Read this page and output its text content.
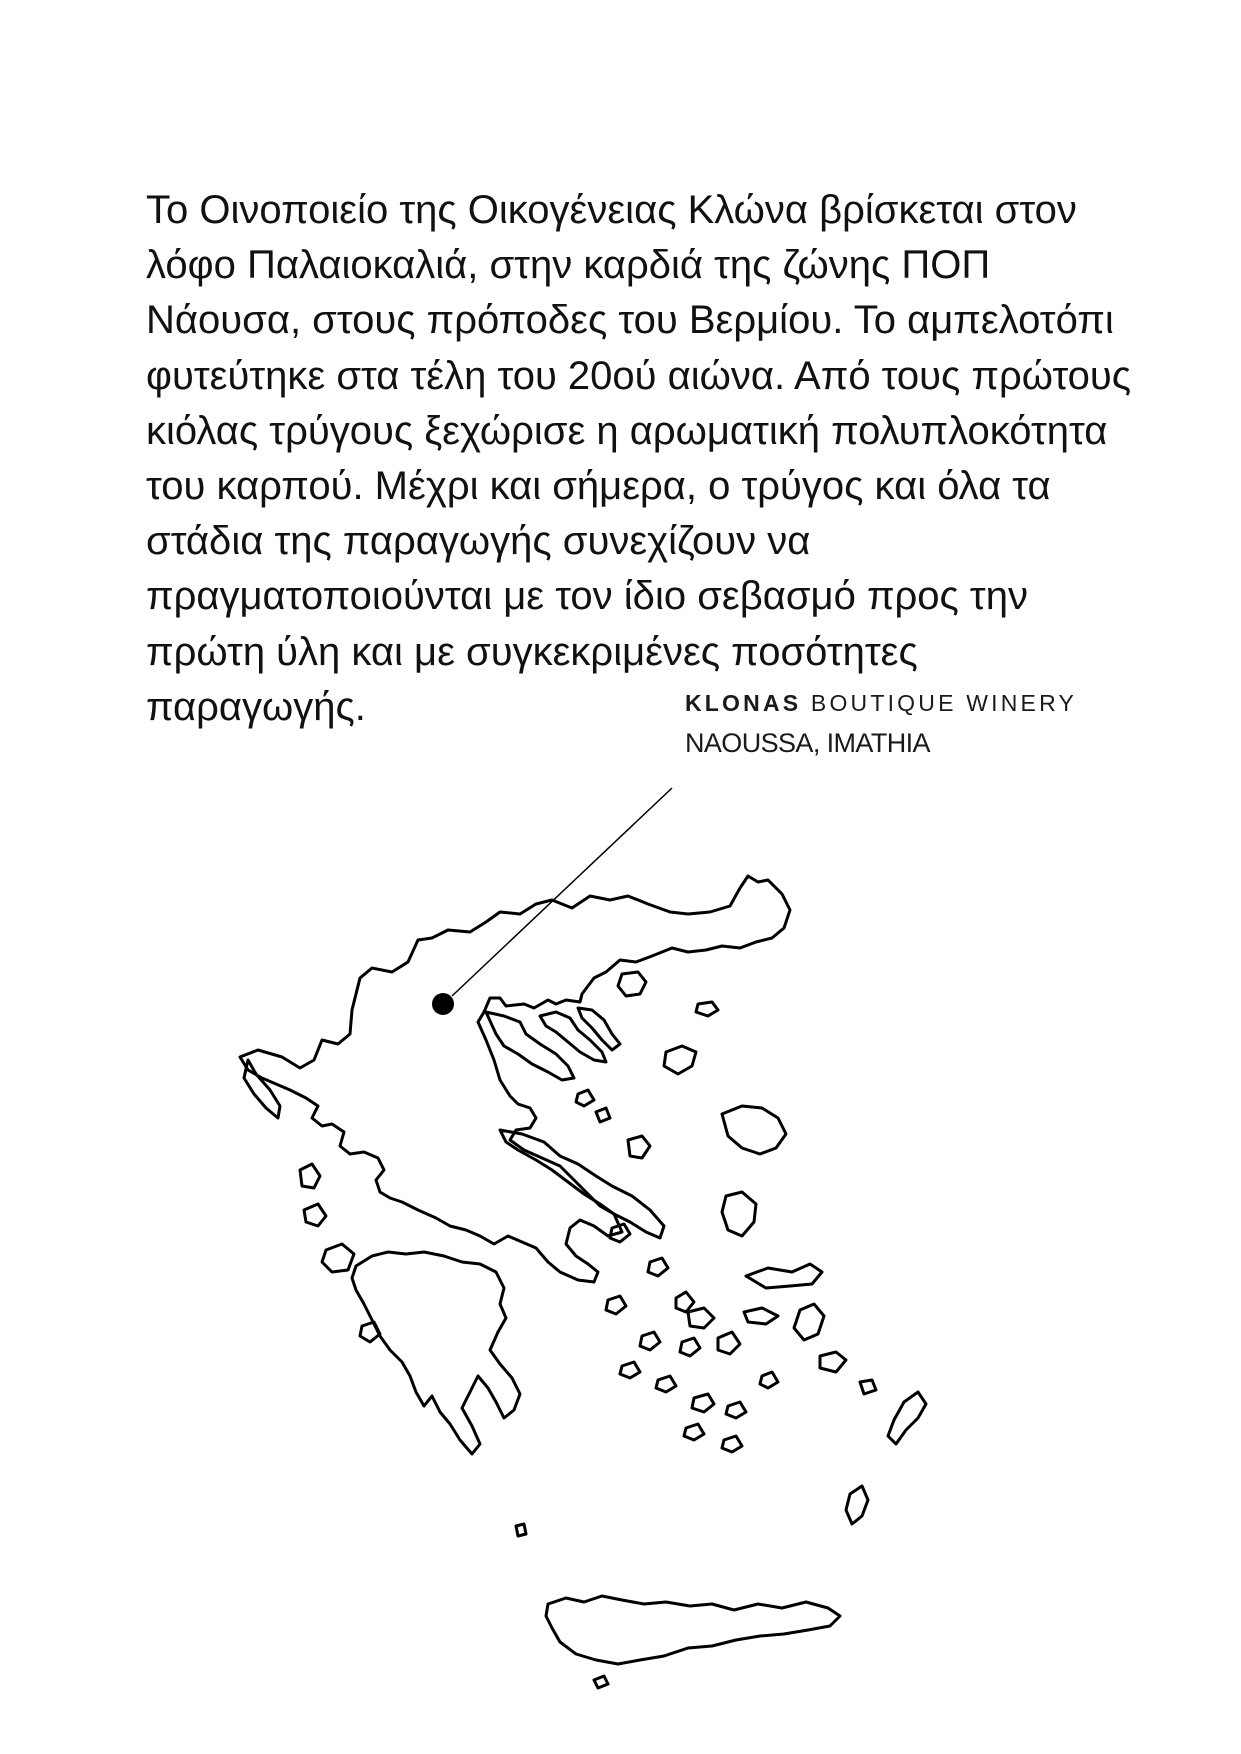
Το Οινοποιείο της Οικογένειας Κλώνα βρίσκεται στον λόφο Παλαιοκαλιά, στην καρδιά της ζώνης ΠΟΠ Νάουσα, στους πρόποδες του Βερμίου. Το αμπελοτόπι φυτεύτηκε στα τέλη του 20ού αιώνα. Από τους πρώτους κιόλας τρύγους ξεχώρισε η αρωματική πολυπλοκότητα του καρπού. Μέχρι και σήμερα, ο τρύγος και όλα τα στάδια της παραγωγής συνεχίζουν να πραγματοποιούνται με τον ίδιο σεβασμό προς την πρώτη ύλη και με συγκεκριμένες ποσότητες παραγωγής.	KLONAS BOUTIQUE WINERY
NAOUSSA, IMATHIA
